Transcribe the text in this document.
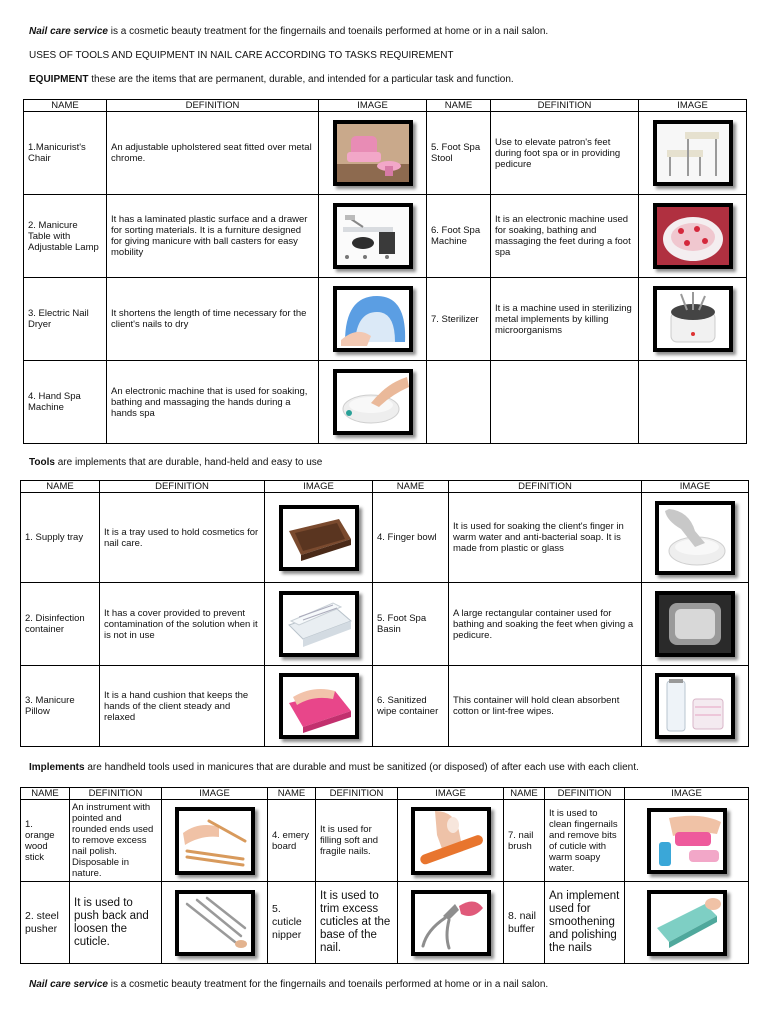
Nail care service is a cosmetic beauty treatment for the fingernails and toenails performed at home or in a nail salon.
USES OF TOOLS AND EQUIPMENT IN NAIL CARE ACCORDING TO TASKS REQUIREMENT
EQUIPMENT these are the items that are permanent, durable, and intended for a particular task and function.
NAME	DEFINITION	IMAGE	NAME	DEFINITION	IMAGE
1.Manicurist's Chair	An adjustable upholstered seat fitted over metal chrome.		5. Foot Spa Stool	Use to elevate patron's feet during foot spa or in providing pedicure	

2. Manicure Table with Adjustable Lamp	It has a laminated plastic surface and a drawer for sorting materials. It is a furniture designed for giving manicure with ball casters for easy mobility		6. Foot Spa Machine	It is an electronic machine used for soaking, bathing and massaging the feet during a foot spa	

3. Electric Nail Dryer	It shortens the length of time necessary for the client's nails to dry		7. Sterilizer	It is a machine used in sterilizing metal implements by killing microorganisms	

4. Hand Spa Machine	An electronic machine that is used for soaking, bathing and massaging the hands during a hands spa	

Tools are implements that are durable, hand-held and easy to use
NAME	DEFINITION	IMAGE	NAME	DEFINITION	IMAGE
1. Supply tray	It is a tray used to hold cosmetics for nail care.		4. Finger bowl	It is used for soaking the client's finger in warm water and anti-bacterial soap. It is made from plastic or glass	

2. Disinfection container	It has a cover provided to prevent contamination of the solution when it is not in use		5. Foot Spa Basin	A large rectangular container used for bathing and soaking the feet when giving a pedicure.	

3. Manicure Pillow	It is a hand cushion that keeps the hands of the client steady and relaxed		6. Sanitized wipe container	This container will hold clean absorbent cotton or lint-free wipes.	
Implements are handheld tools used in manicures that are durable and must be sanitized (or disposed) of after each use with each client.
NAME	DEFINITION	IMAGE	NAME	DEFINITION	IMAGE	NAME	DEFINITION	IMAGE
1. orange wood stick	An instrument with pointed and rounded ends used to remove excess nail polish. Disposable in nature.		4. emery board	It is used for filling soft and fragile nails.		7. nail brush	It is used to clean fingernails and remove bits of cuticle with warm soapy water.	

2. steel pusher	It is used to push back and loosen the cuticle.		5. cuticle nipper	It is used to trim excess cuticles at the base of the nail.		8. nail buffer	An implement used for smoothening and polishing the nails	
Nail care service is a cosmetic beauty treatment for the fingernails and toenails performed at home or in a nail salon.
